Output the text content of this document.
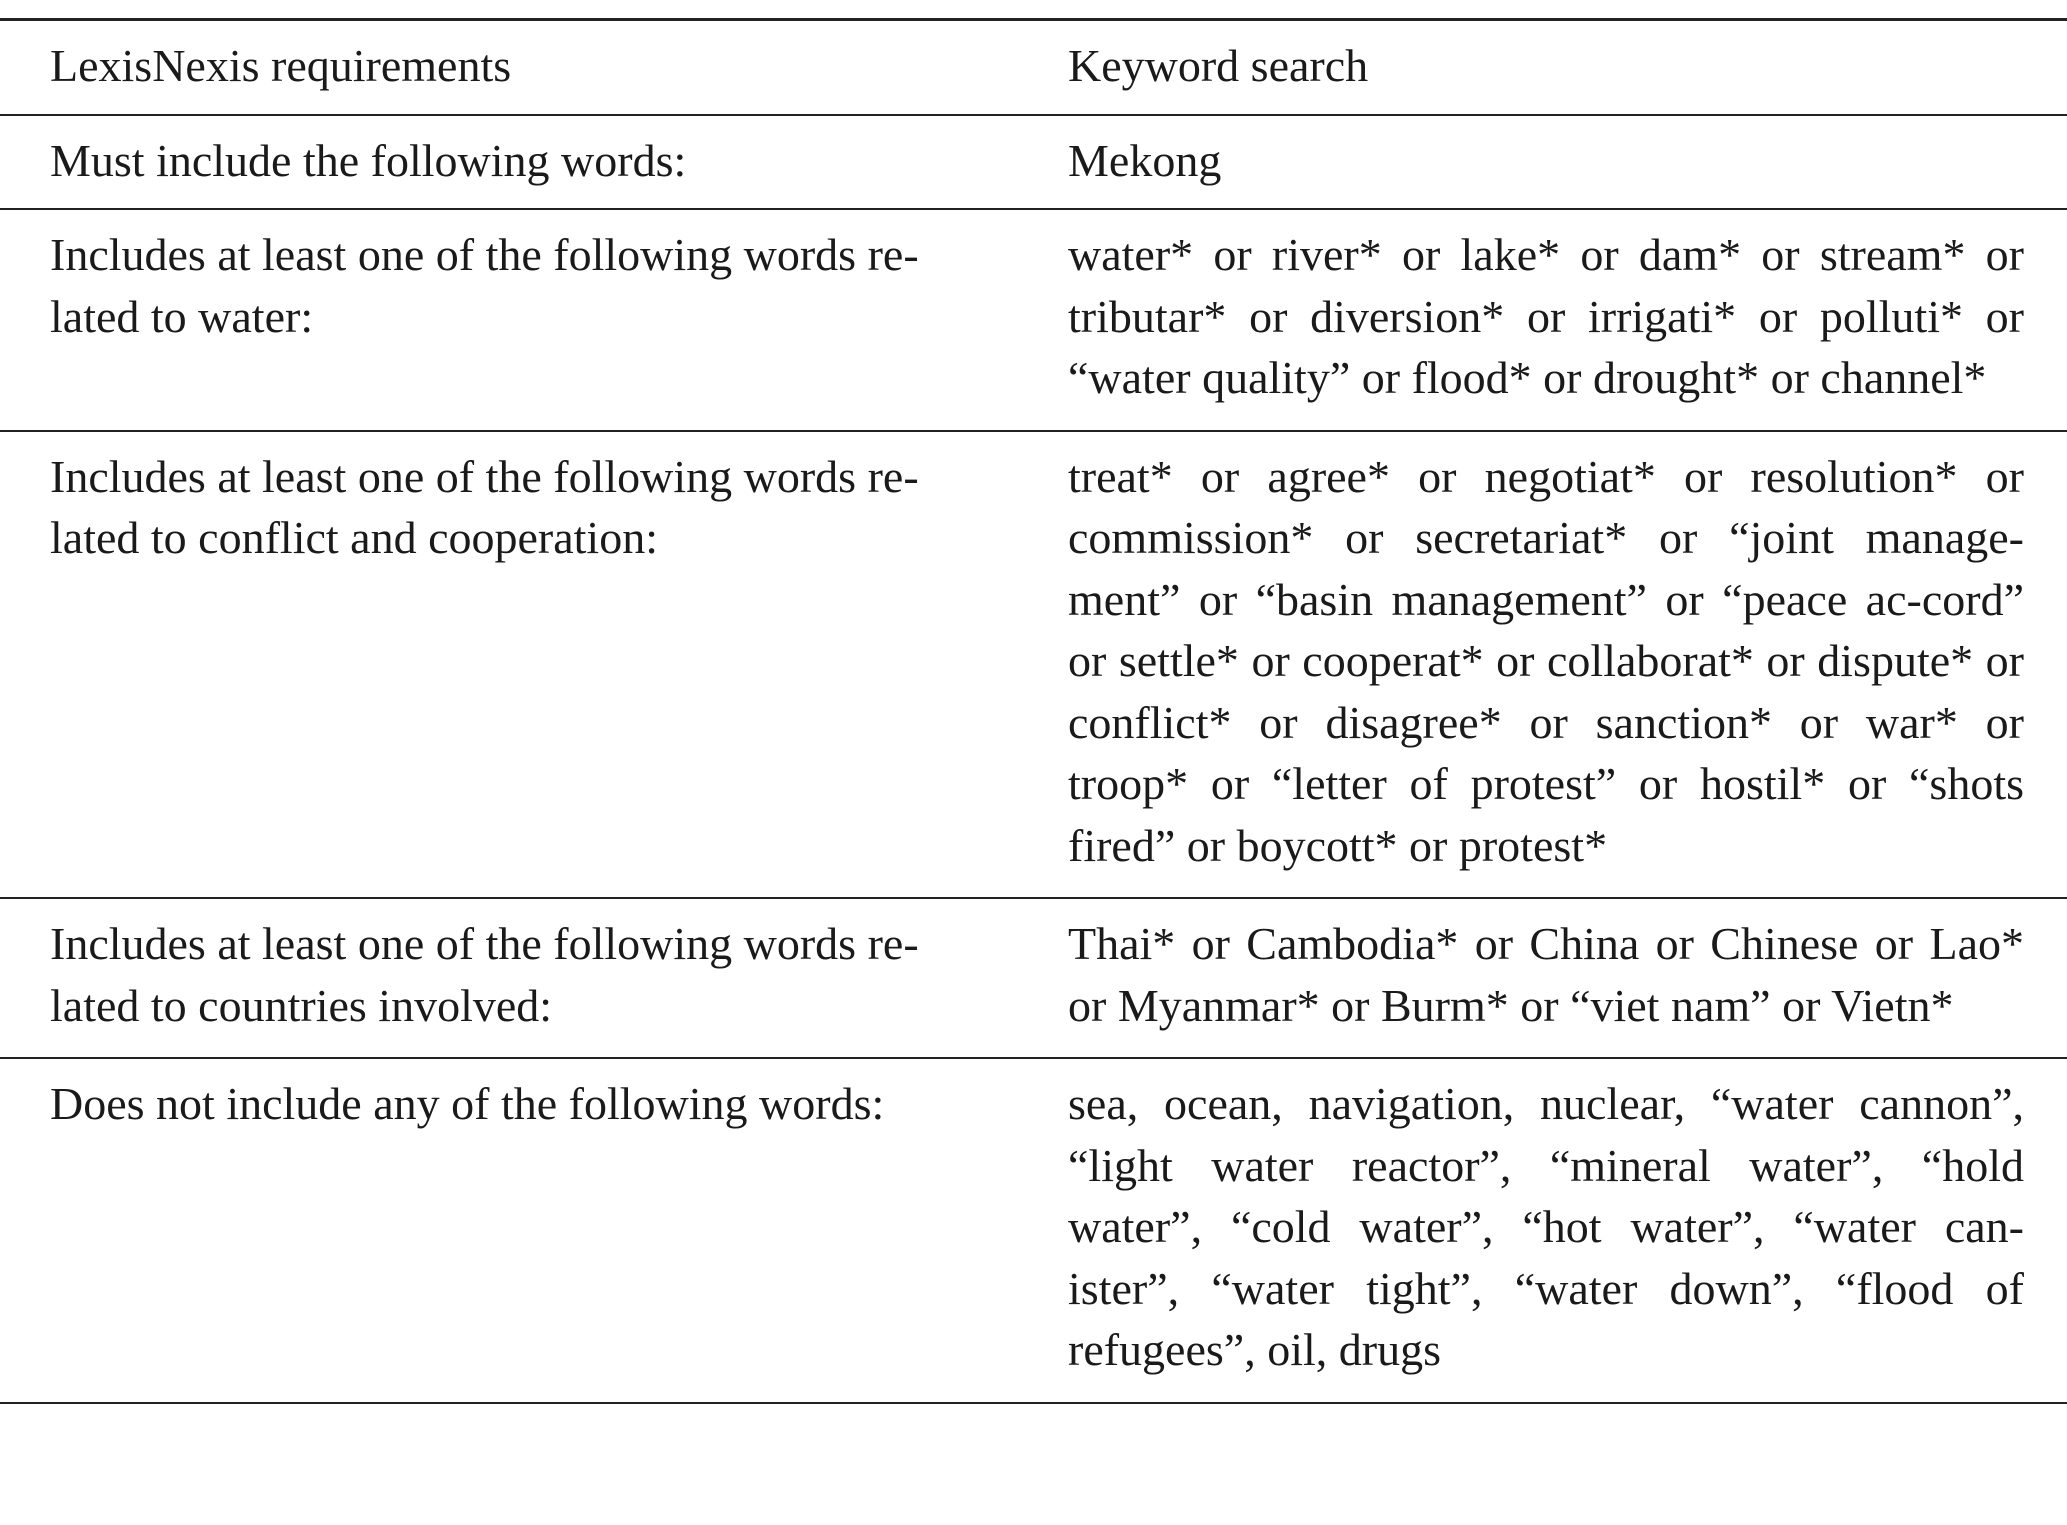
LexisNexis requirements	Keyword search
Must include the following words:	Mekong
Includes at least one of the following words re-lated to water:	water* or river* or lake* or dam* or stream* or tributar* or diversion* or irrigati* or polluti* or “water quality” or flood* or drought* or channel*
Includes at least one of the following words re-lated to conflict and cooperation:	treat* or agree* or negotiat* or resolution* or commission* or secretariat* or “joint manage-ment” or “basin management” or “peace ac-cord” or settle* or cooperat* or collaborat* or dispute* or conflict* or disagree* or sanction* or war* or troop* or “letter of protest” or hostil* or “shots fired” or boycott* or protest*
Includes at least one of the following words re-lated to countries involved:	Thai* or Cambodia* or China or Chinese or Lao* or Myanmar* or Burm* or “viet nam” or Vietn*
Does not include any of the following words:	sea, ocean, navigation, nuclear, “water cannon”, “light water reactor”, “mineral water”, “hold water”, “cold water”, “hot water”, “water can-ister”, “water tight”, “water down”, “flood of refugees”, oil, drugs
